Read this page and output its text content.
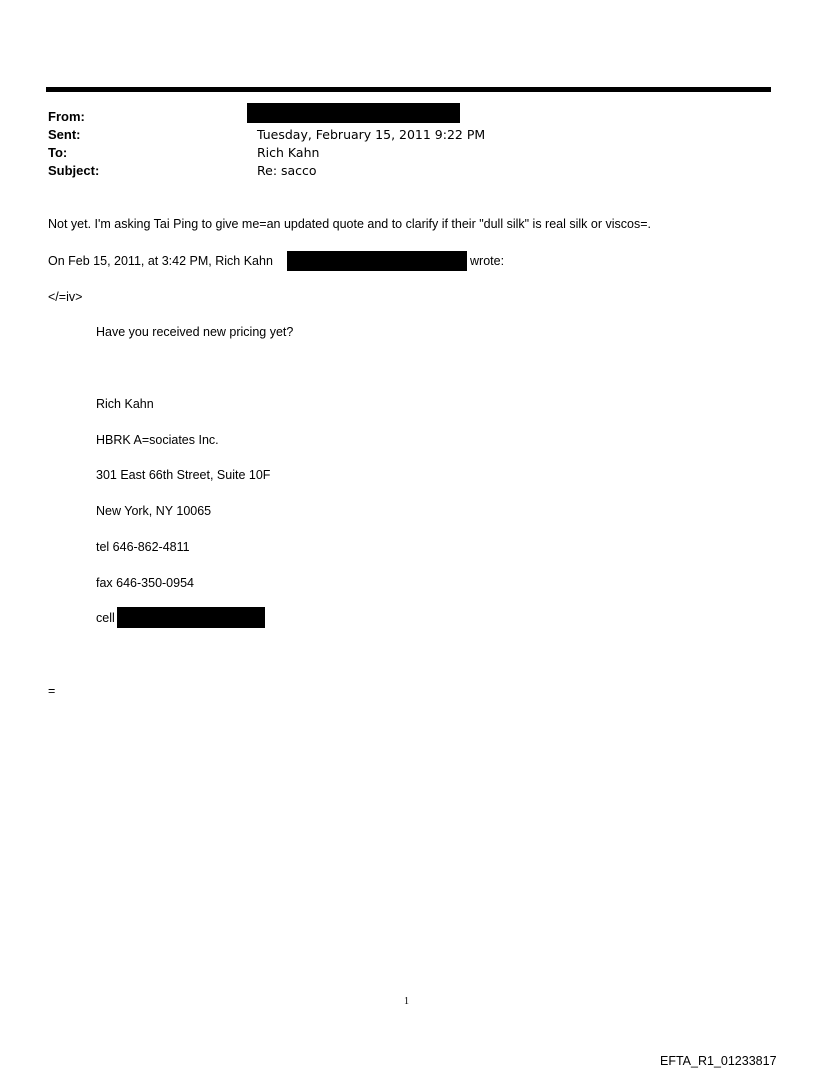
From:
Sent:	Tuesday, February 15, 2011 9:22 PM
To:	Rich Kahn
Subject:	Re: sacco
Not yet. I'm asking Tai Ping to give me=an updated quote and to clarify if their "dull silk" is real silk or viscos=.
On Feb 15, 2011, at 3:42 PM, Rich Kahn	wrote:
</=iv>
Have you received new pricing yet?
Rich Kahn
HBRK A=sociates Inc.
301 East 66th Street, Suite 10F
New York, NY 10065
tel 646-862-4811
fax 646-350-0954
cell
=
1
EFTA_R1_01233817
